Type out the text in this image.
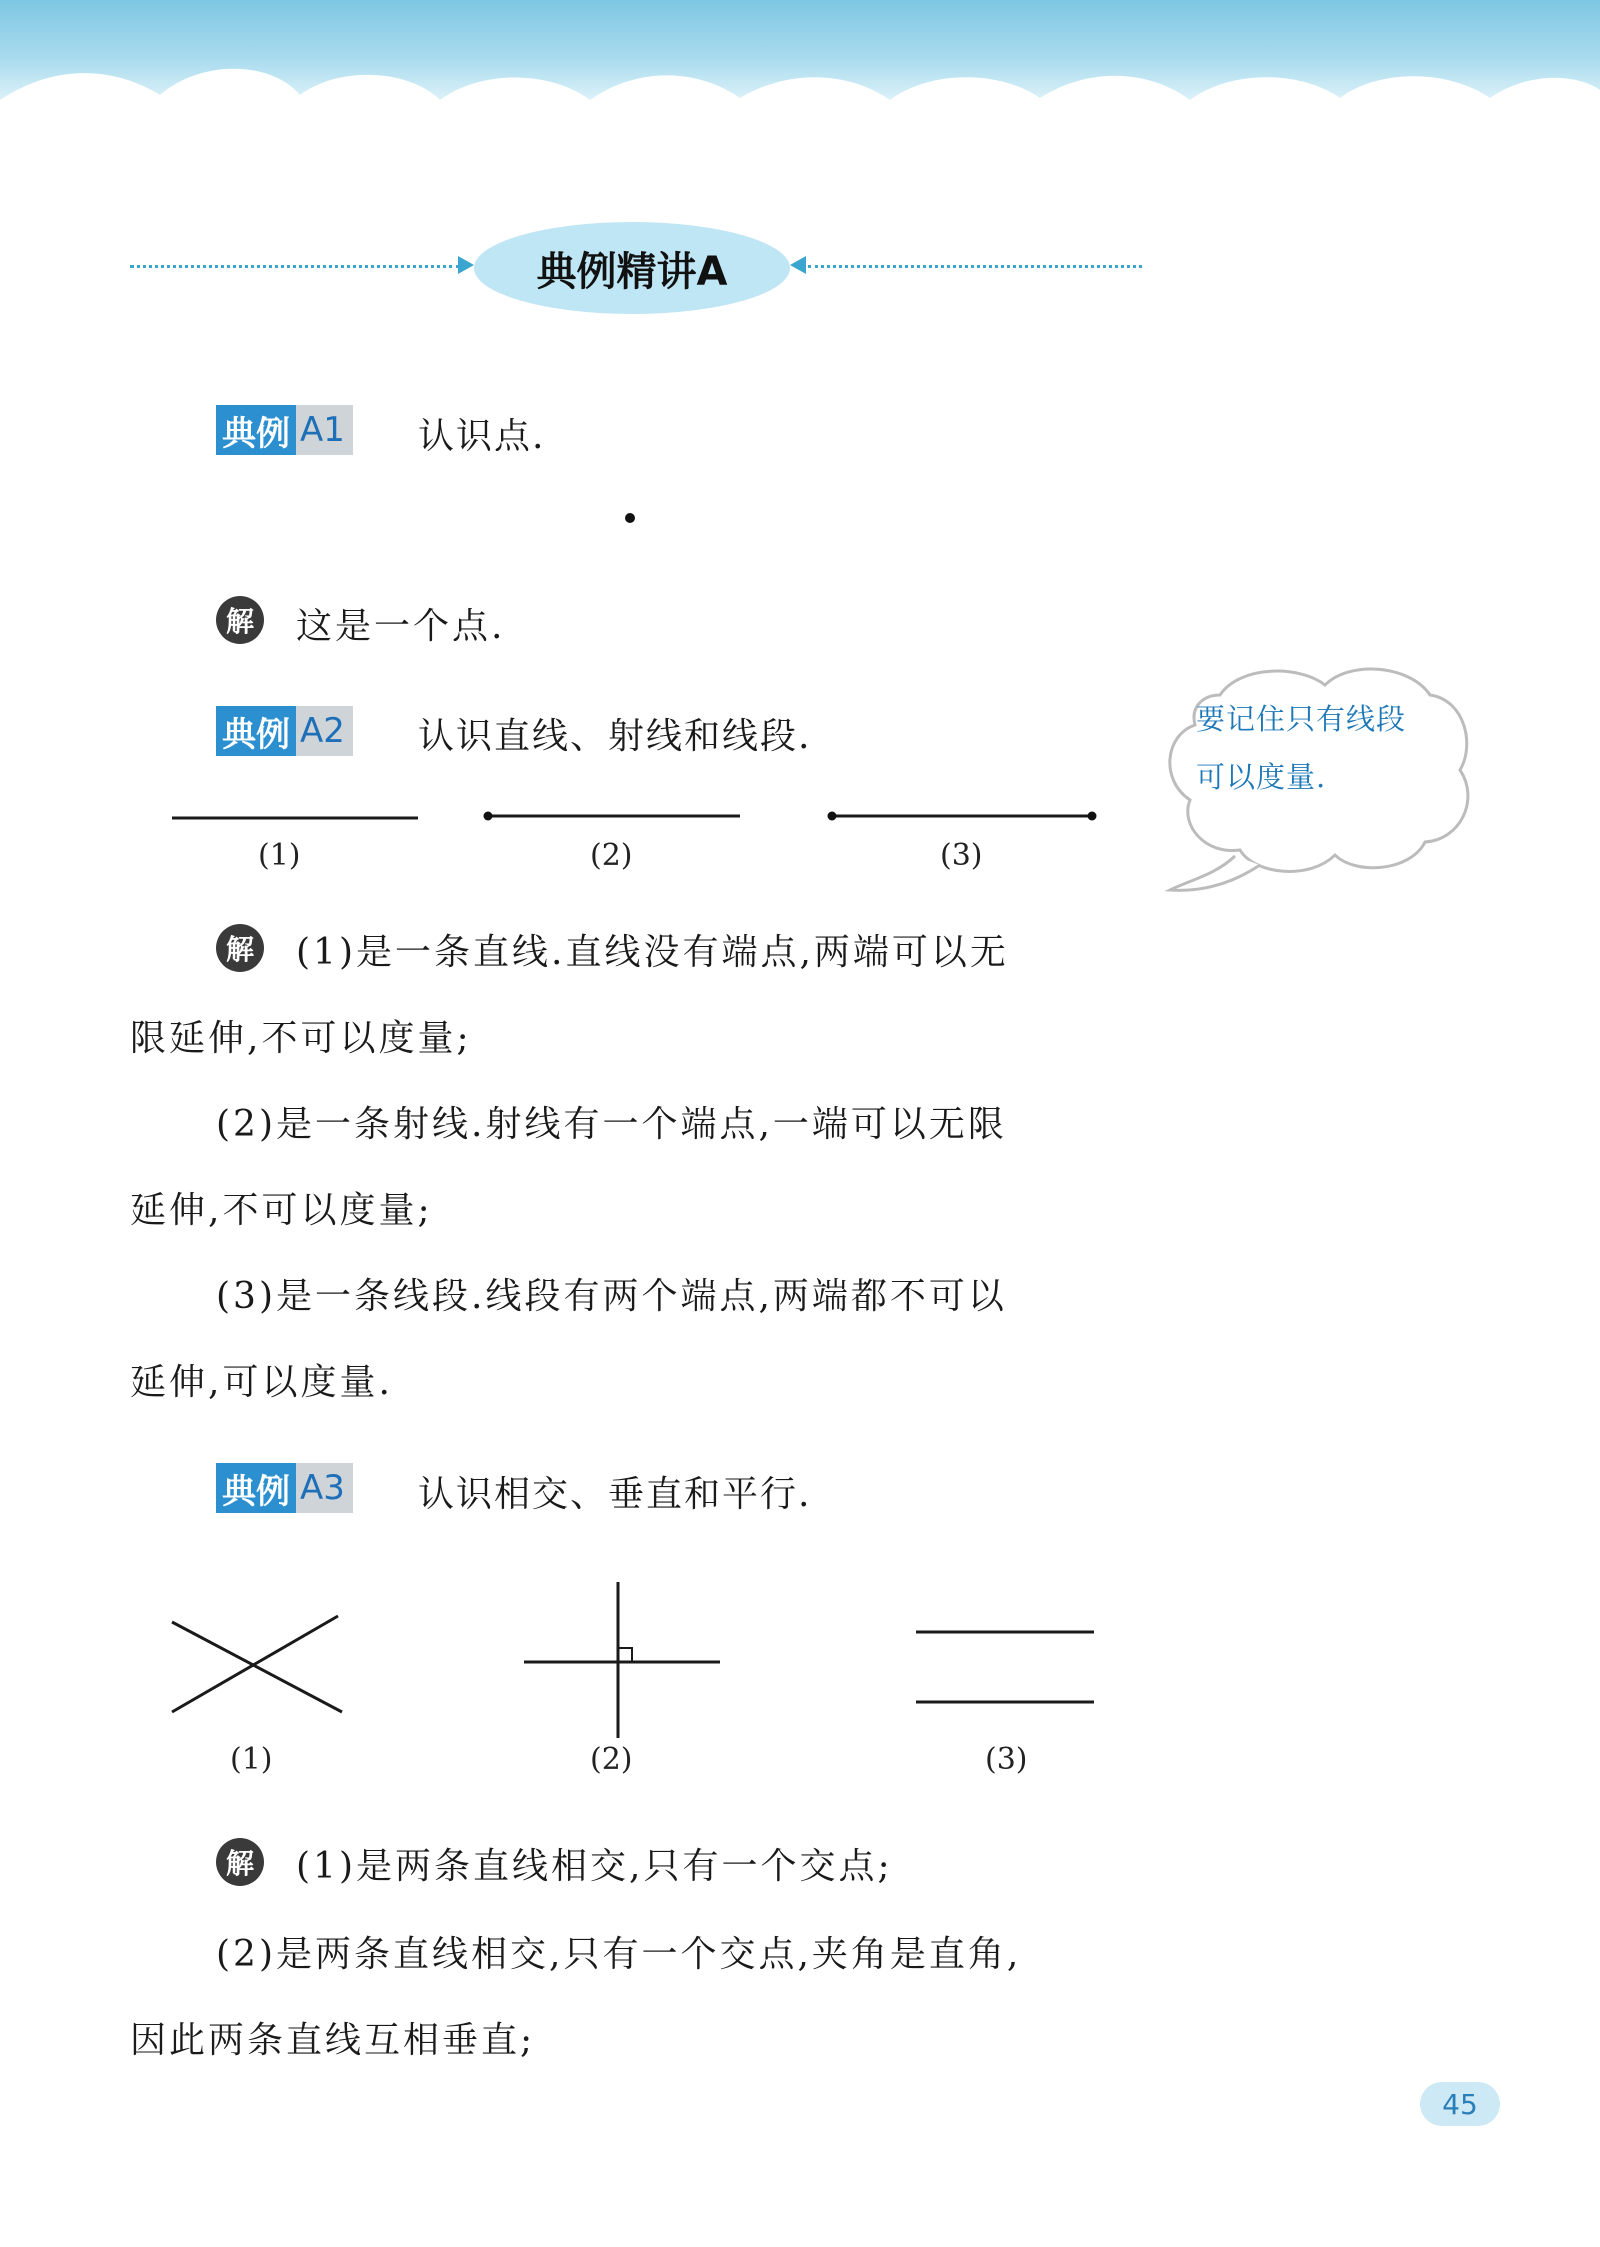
典例精讲A
典例 A1 认识点.
解 这是一个点.
典例 A2 认识直线、射线和线段.
(1)	(2)	(3)
解 (1)是一条直线.直线没有端点,两端可以无
限延伸,不可以度量;
(2)是一条射线.射线有一个端点,一端可以无限
延伸,不可以度量;
(3)是一条线段.线段有两个端点,两端都不可以
延伸,可以度量.
要记住只有线段
可以度量.
典例 A3 认识相交、垂直和平行.
(1)	(2)	(3)
解 (1)是两条直线相交,只有一个交点;
(2)是两条直线相交,只有一个交点,夹角是直角,
因此两条直线互相垂直;
45
